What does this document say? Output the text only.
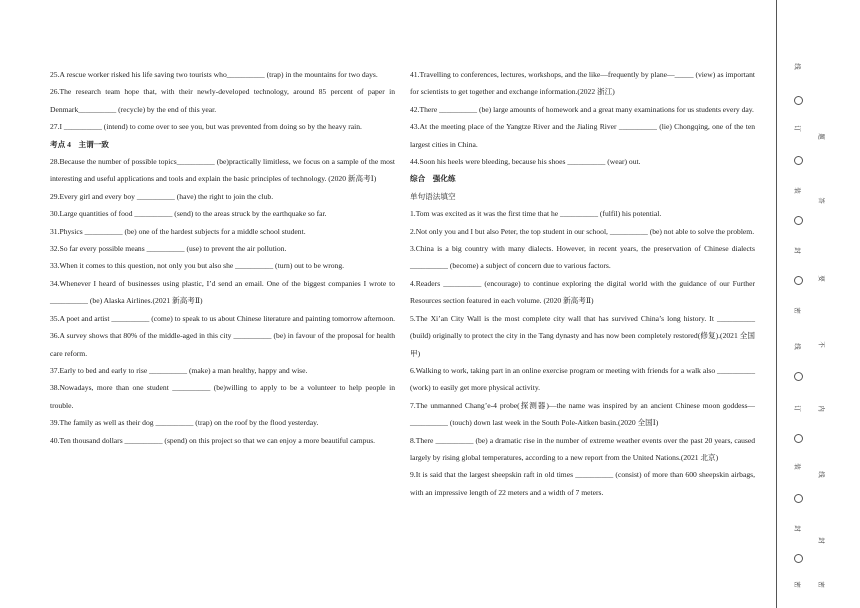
25.A rescue worker risked his life saving two tourists who__________ (trap) in the mountains for two days.

26.The research team hope that, with their newly-developed technology, around 85 percent of paper in Denmark__________ (recycle) by the end of this year.

27.I __________ (intend) to come over to see you, but was prevented from doing so by the heavy rain.

考点 4　主谓一致

28.Because the number of possible topics__________ (be)practically limitless, we focus on a sample of the most interesting and useful applications and tools and explain the basic principles of technology. (2020 新高考Ⅰ)

29.Every girl and every boy __________ (have) the right to join the club.

30.Large quantities of food __________ (send) to the areas struck by the earthquake so far.

31.Physics __________ (be) one of the hardest subjects for a middle school student.

32.So far every possible means __________ (use) to prevent the air pollution.

33.When it comes to this question, not only you but also she __________ (turn) out to be wrong.

34.Whenever I heard of businesses using plastic, I’d send an email. One of the biggest companies I wrote to __________ (be) Alaska Airlines.(2021 新高考Ⅱ)

35.A poet and artist __________ (come) to speak to us about Chinese literature and painting tomorrow afternoon.

36.A survey shows that 80% of the middle-aged in this city __________ (be) in favour of the proposal for health care reform.

37.Early to bed and early to rise __________ (make) a man healthy, happy and wise.

38.Nowadays, more than one student __________ (be)willing to apply to be a volunteer to help people in trouble.

39.The family as well as their dog __________ (trap) on the roof by the flood yesterday.

40.Ten thousand dollars __________ (spend) on this project so that we can enjoy a more beautiful campus.

41.Travelling to conferences, lectures, workshops, and the like—frequently by plane—_____ (view) as important for scientists to get together and exchange information.(2022 浙江)

42.There __________ (be) large amounts of homework and a great many examinations for us students every day.

43.At the meeting place of the Yangtze River and the Jialing River __________ (lie) Chongqing, one of the ten largest cities in China.

44.Soon his heels were bleeding, because his shoes __________ (wear) out.

综合　强化练

单句语法填空

1.Tom was excited as it was the first time that he __________ (fulfil) his potential.

2.Not only you and I but also Peter, the top student in our school, __________ (be) not able to solve the problem.

3.China is a big country with many dialects. However, in recent years, the preservation of Chinese dialects __________ (become) a subject of concern due to various factors.

4.Readers __________ (encourage) to continue exploring the digital world with the guidance of our Further Resources section featured in each volume. (2020 新高考Ⅱ)

5.The Xi’an City Wall is the most complete city wall that has survived China’s long history. It __________ (build) originally to protect the city in the Tang dynasty and has now been completely restored(修复).(2021 全国甲)

6.Walking to work, taking part in an online exercise program or meeting with friends for a walk also __________ (work) to easily get more physical activity.

7.The unmanned Chang’e-4 probe(探测器)—the name was inspired by an ancient Chinese moon goddess—__________ (touch) down last week in the South Pole-Aitken basin.(2020 全国Ⅰ)

8.There __________ (be) a dramatic rise in the number of extreme weather events over the past 20 years, caused largely by rising global temperatures, according to a new report from the United Nations.(2021 北京)

9.It is said that the largest sheepskin raft in old times __________ (consist) of more than 600 sheepskin airbags, with an impressive length of 22 meters and a width of 7 meters.

线
订
装
封
密
线
订
装
封
密
题
答
要
不
内
线
封
密
